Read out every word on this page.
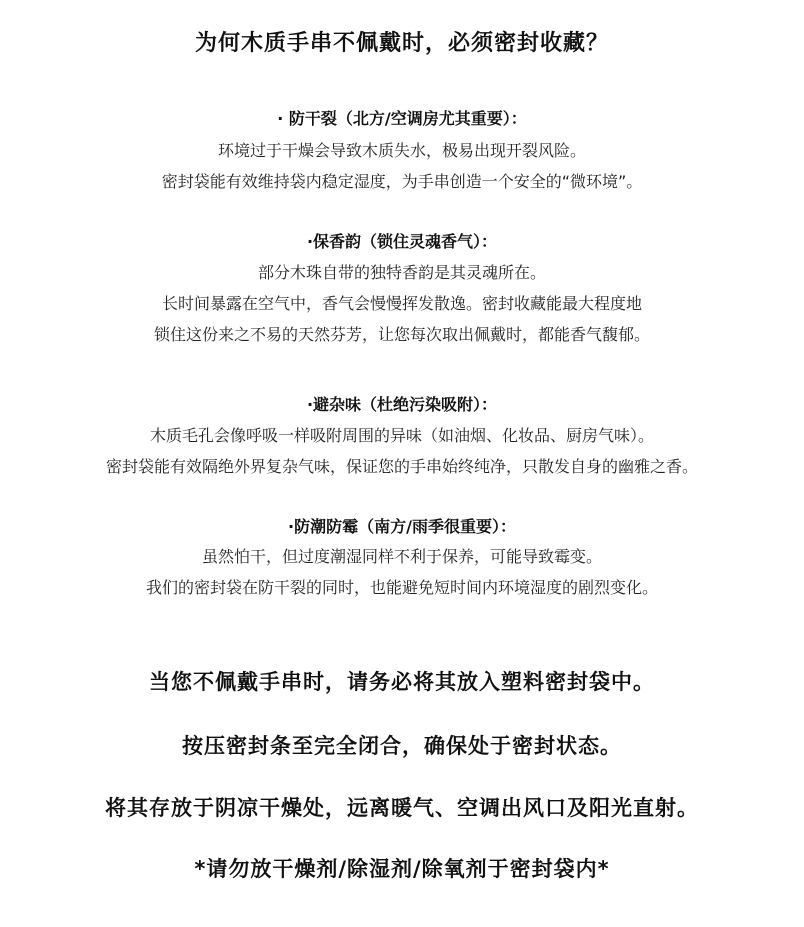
为何木质手串不佩戴时，必须密封收藏？
· 防干裂（北方/空调房尤其重要）：
环境过于干燥会导致木质失水，极易出现开裂风险。
密封袋能有效维持袋内稳定湿度，为手串创造一个安全的“微环境”。
·保香韵（锁住灵魂香气）：
部分木珠自带的独特香韵是其灵魂所在。
长时间暴露在空气中，香气会慢慢挥发散逸。密封收藏能最大程度地
锁住这份来之不易的天然芬芳，让您每次取出佩戴时，都能香气馥郁。
·避杂味（杜绝污染吸附）：
木质毛孔会像呼吸一样吸附周围的异味（如油烟、化妆品、厨房气味）。
密封袋能有效隔绝外界复杂气味，保证您的手串始终纯净，只散发自身的幽雅之香。
·防潮防霉（南方/雨季很重要）：
虽然怕干，但过度潮湿同样不利于保养，可能导致霉变。
我们的密封袋在防干裂的同时，也能避免短时间内环境湿度的剧烈变化。
当您不佩戴手串时，请务必将其放入塑料密封袋中。
按压密封条至完全闭合，确保处于密封状态。
将其存放于阴凉干燥处，远离暖气、空调出风口及阳光直射。
*请勿放干燥剂/除湿剂/除氧剂于密封袋内*
